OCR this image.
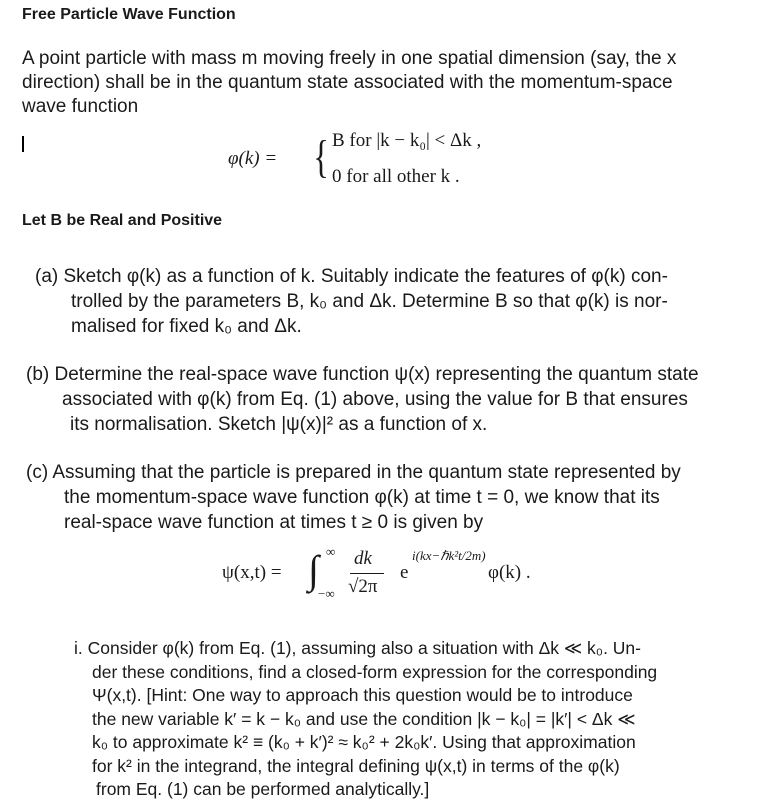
Free Particle Wave Function
A point particle with mass m moving freely in one spatial dimension (say, the x
direction) shall be in the quantum state associated with the momentum-space
wave function
φ(k) = { B for |k − k₀| < Δk ,
0 for all other k .
Let B be Real and Positive
(a) Sketch φ(k) as a function of k. Suitably indicate the features of φ(k) con-
trolled by the parameters B, k₀ and Δk. Determine B so that φ(k) is nor-
malised for fixed k₀ and Δk.
(b) Determine the real-space wave function ψ(x) representing the quantum state
associated with φ(k) from Eq. (1) above, using the value for B that ensures
its normalisation. Sketch |ψ(x)|² as a function of x.
(c) Assuming that the particle is prepared in the quantum state represented by
the momentum-space wave function φ(k) at time t = 0, we know that its
real-space wave function at times t ≥ 0 is given by
ψ(x,t) = ∫ ∞
−∞
dk
√2π
e
i(kx−ℏk²t/2m)
φ(k) .
i. Consider φ(k) from Eq. (1), assuming also a situation with Δk ≪ k₀. Un-
der these conditions, find a closed-form expression for the corresponding
Ψ(x,t). [Hint: One way to approach this question would be to introduce
the new variable k′ = k − k₀ and use the condition |k − k₀| = |k′| < Δk ≪
k₀ to approximate k² ≡ (k₀ + k′)² ≈ k₀² + 2k₀k′. Using that approximation
for k² in the integrand, the integral defining ψ(x,t) in terms of the φ(k)
from Eq. (1) can be performed analytically.]
